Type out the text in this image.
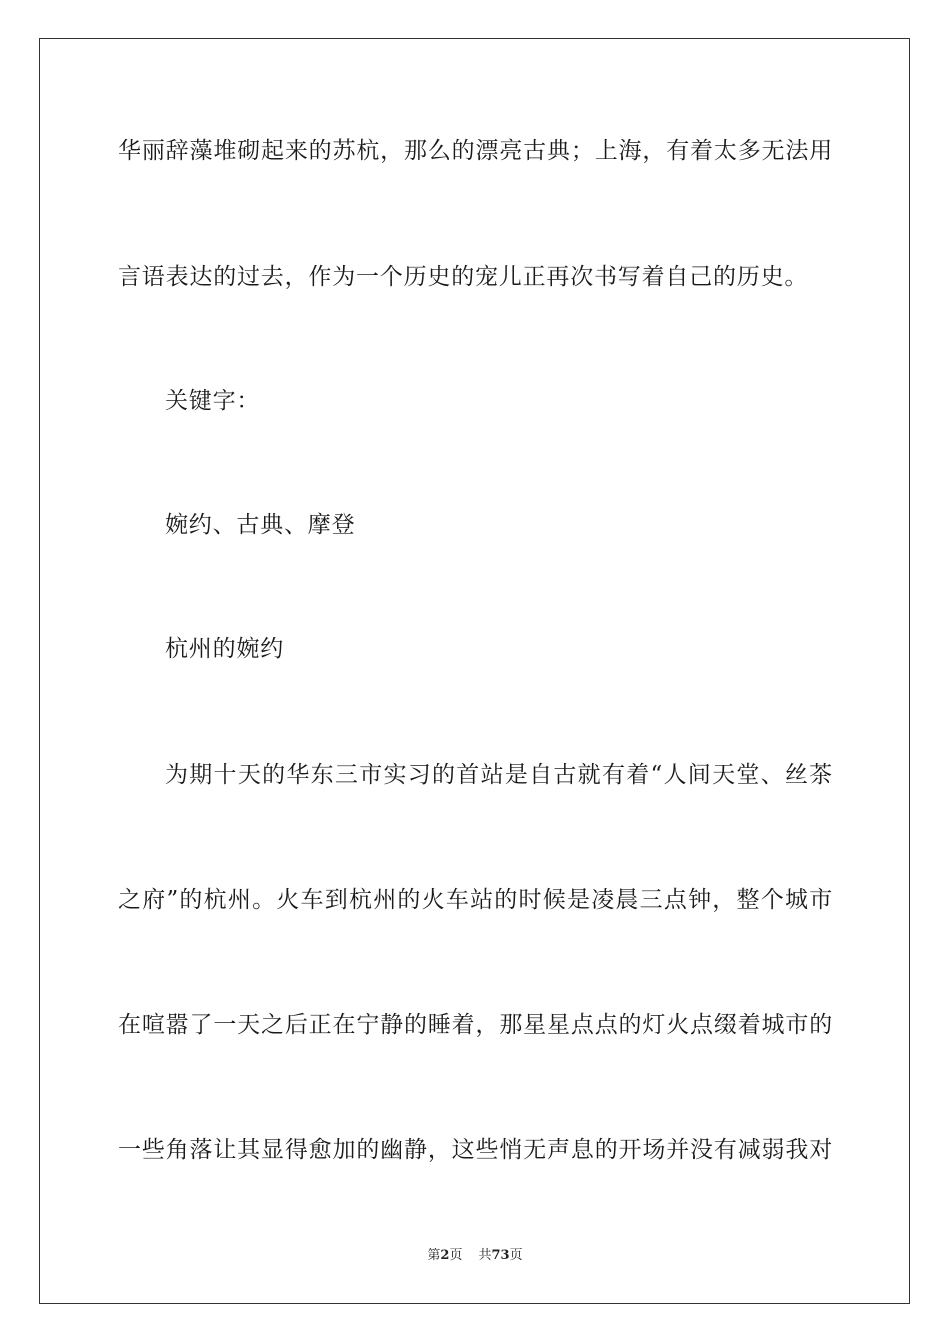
华丽辞藻堆砌起来的苏杭，那么的漂亮古典；上海，有着太多无法用
言语表达的过去，作为一个历史的宠儿正再次书写着自己的历史。
关键字：
婉约、古典、摩登
杭州的婉约
为期十天的华东三市实习的首站是自古就有着“人间天堂、丝茶
之府”的杭州。火车到杭州的火车站的时候是凌晨三点钟，整个城市
在喧嚣了一天之后正在宁静的睡着，那星星点点的灯火点缀着城市的
一些角落让其显得愈加的幽静，这些悄无声息的开场并没有减弱我对
第2页 共73页
